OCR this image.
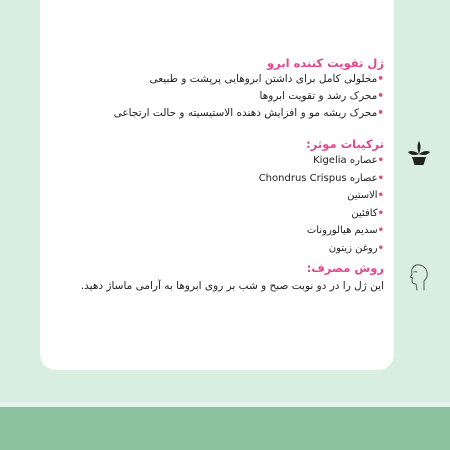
ژل تقویت کننده ابرو
•محلولی کامل برای داشتن ابروهایی پرپشت و طبیعی
•محرک رشد و تقویت ابروها
•محرک ریشه مو و افزایش دهنده الاستیسیته و حالت ارتجاعی
ترکیبات موثر:
•عصاره Kigelia
•عصاره Chondrus Crispus
•الاستین
•کافئین
•سدیم هیالورونات
•روغن زیتون
روش مصرف:
این ژل را در دو نوبت صبح و شب بر روی ابروها به آرامی ماساژ دهید.
